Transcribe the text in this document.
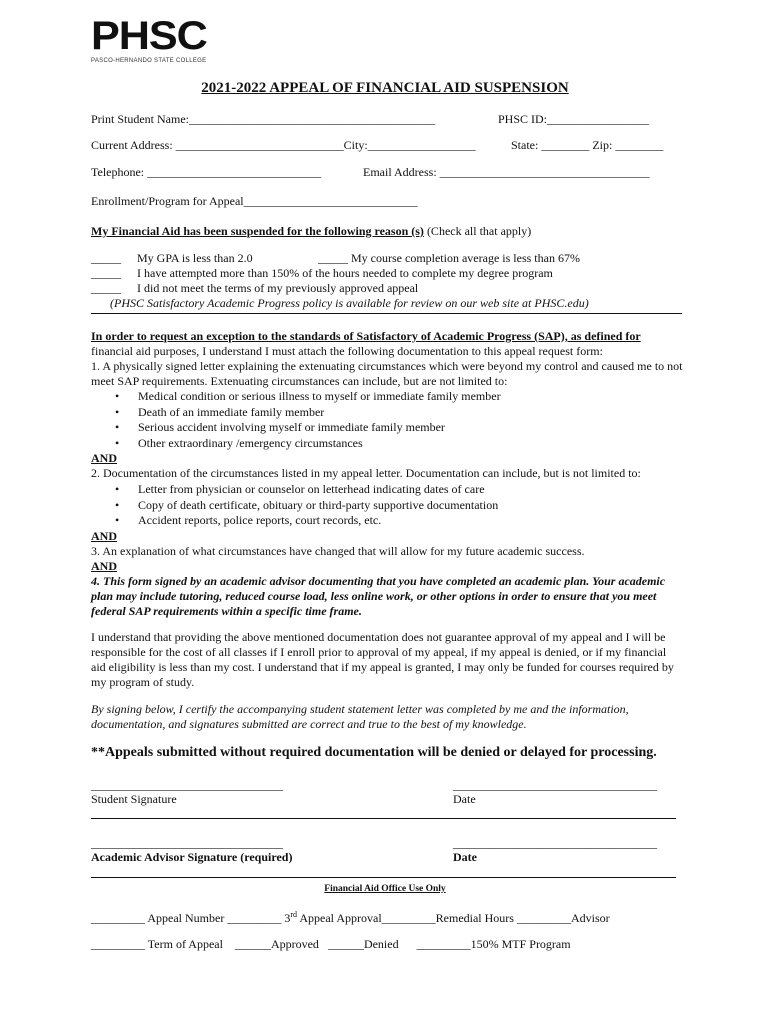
PHSC
PASCO-HERNANDO STATE COLLEGE
2021-2022 APPEAL OF FINANCIAL AID SUSPENSION
Print Student Name:_________________________________________	PHSC ID:_________________
Current Address: ____________________________City:__________________	State: ________ Zip: ________
Telephone: _____________________________	Email Address: ___________________________________
Enrollment/Program for Appeal_____________________________
My Financial Aid has been suspended for the following reason (s) (Check all that apply)
_____ My GPA is less than 2.0	_____ My course completion average is less than 67%
_____ I have attempted more than 150% of the hours needed to complete my degree program
_____ I did not meet the terms of my previously approved appeal
(PHSC Satisfactory Academic Progress policy is available for review on our web site at PHSC.edu)
In order to request an exception to the standards of Satisfactory of Academic Progress (SAP), as defined for
financial aid purposes, I understand I must attach the following documentation to this appeal request form:
1. A physically signed letter explaining the extenuating circumstances which were beyond my control and caused me to not meet SAP requirements. Extenuating circumstances can include, but are not limited to:
• Medical condition or serious illness to myself or immediate family member
• Death of an immediate family member
• Serious accident involving myself or immediate family member
• Other extraordinary /emergency circumstances
AND
2. Documentation of the circumstances listed in my appeal letter. Documentation can include, but is not limited to:
• Letter from physician or counselor on letterhead indicating dates of care
• Copy of death certificate, obituary or third-party supportive documentation
• Accident reports, police reports, court records, etc.
AND
3. An explanation of what circumstances have changed that will allow for my future academic success.
AND
4. This form signed by an academic advisor documenting that you have completed an academic plan. Your academic plan may include tutoring, reduced course load, less online work, or other options in order to ensure that you meet federal SAP requirements within a specific time frame.
I understand that providing the above mentioned documentation does not guarantee approval of my appeal and I will be responsible for the cost of all classes if I enroll prior to approval of my appeal, if my appeal is denied, or if my financial aid eligibility is less than my cost. I understand that if my appeal is granted, I may only be funded for courses required by my program of study.
By signing below, I certify the accompanying student statement letter was completed by me and the information, documentation, and signatures submitted are correct and true to the best of my knowledge.
**Appeals submitted without required documentation will be denied or delayed for processing.
________________________________	__________________________________
Student Signature	Date
________________________________	__________________________________
Academic Advisor Signature (required)	Date
Financial Aid Office Use Only
_________ Appeal Number _________ 3rd Appeal Approval_________Remedial Hours _________Advisor
_________ Term of Appeal ______Approved ______Denied _________150% MTF Program
